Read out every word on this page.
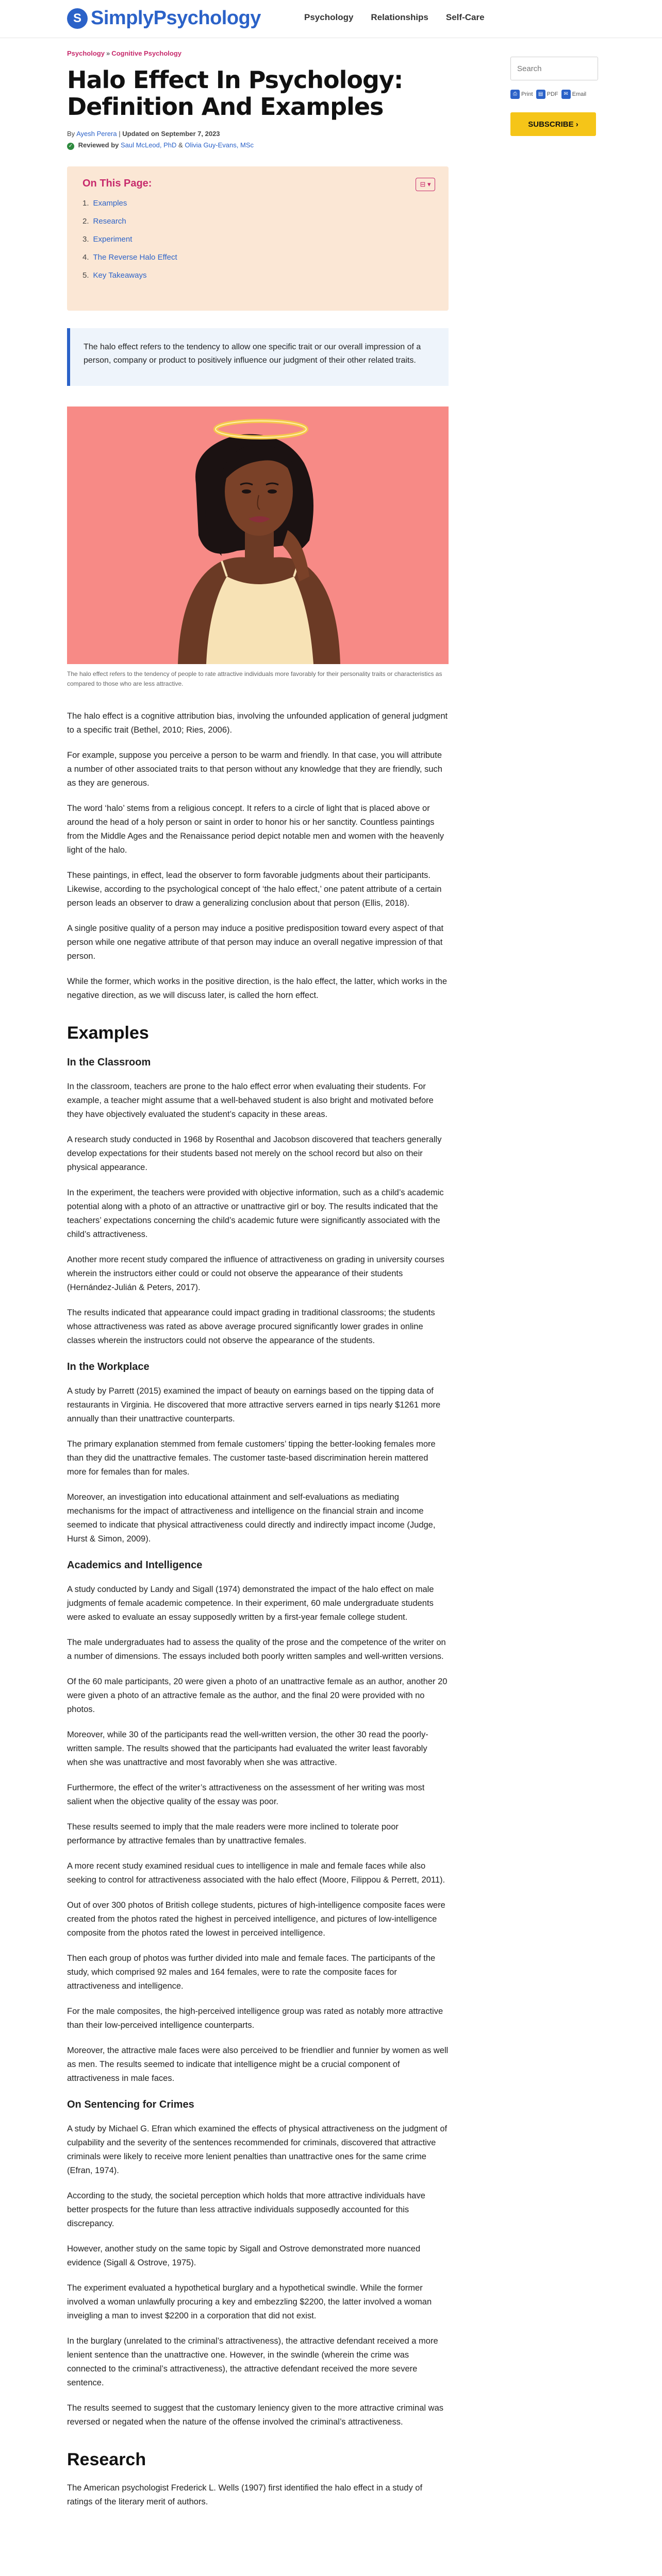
S SimplyPsychology	Psychology Relationships Self-Care
Psychology » Cognitive Psychology
Halo Effect In Psychology: Definition And Examples
By Ayesh Perera | Updated on September 7, 2023
✓ Reviewed by Saul McLeod, PhD & Olivia Guy-Evans, MSc
On This Page:	⊟ ▾
1. Examples
2. Research
3. Experiment
4. The Reverse Halo Effect
5. Key Takeaways
The halo effect refers to the tendency to allow one specific trait or our overall impression of a person, company or product to positively influence our judgment of their other related traits.
The halo effect refers to the tendency of people to rate attractive individuals more favorably for their personality traits or characteristics as compared to those who are less attractive.

The halo effect is a cognitive attribution bias, involving the unfounded application of general judgment to a specific trait (Bethel, 2010; Ries, 2006).

For example, suppose you perceive a person to be warm and friendly. In that case, you will attribute a number of other associated traits to that person without any knowledge that they are friendly, such as they are generous.

The word ‘halo’ stems from a religious concept. It refers to a circle of light that is placed above or around the head of a holy person or saint in order to honor his or her sanctity. Countless paintings from the Middle Ages and the Renaissance period depict notable men and women with the heavenly light of the halo.

These paintings, in effect, lead the observer to form favorable judgments about their participants. Likewise, according to the psychological concept of ‘the halo effect,’ one patent attribute of a certain person leads an observer to draw a generalizing conclusion about that person (Ellis, 2018).

A single positive quality of a person may induce a positive predisposition toward every aspect of that person while one negative attribute of that person may induce an overall negative impression of that person.

While the former, which works in the positive direction, is the halo effect, the latter, which works in the negative direction, as we will discuss later, is called the horn effect.

Examples
In the Classroom

In the classroom, teachers are prone to the halo effect error when evaluating their students. For example, a teacher might assume that a well-behaved student is also bright and motivated before they have objectively evaluated the student’s capacity in these areas.

A research study conducted in 1968 by Rosenthal and Jacobson discovered that teachers generally develop expectations for their students based not merely on the school record but also on their physical appearance.

In the experiment, the teachers were provided with objective information, such as a child’s academic potential along with a photo of an attractive or unattractive girl or boy. The results indicated that the teachers’ expectations concerning the child’s academic future were significantly associated with the child’s attractiveness.

Another more recent study compared the influence of attractiveness on grading in university courses wherein the instructors either could or could not observe the appearance of their students (Hernández-Julián & Peters, 2017).

The results indicated that appearance could impact grading in traditional classrooms; the students whose attractiveness was rated as above average procured significantly lower grades in online classes wherein the instructors could not observe the appearance of the students.

In the Workplace

A study by Parrett (2015) examined the impact of beauty on earnings based on the tipping data of restaurants in Virginia. He discovered that more attractive servers earned in tips nearly $1261 more annually than their unattractive counterparts.

The primary explanation stemmed from female customers’ tipping the better-looking females more than they did the unattractive females. The customer taste-based discrimination herein mattered more for females than for males.

Moreover, an investigation into educational attainment and self-evaluations as mediating mechanisms for the impact of attractiveness and intelligence on the financial strain and income seemed to indicate that physical attractiveness could directly and indirectly impact income (Judge, Hurst & Simon, 2009).

Academics and Intelligence

A study conducted by Landy and Sigall (1974) demonstrated the impact of the halo effect on male judgments of female academic competence. In their experiment, 60 male undergraduate students were asked to evaluate an essay supposedly written by a first-year female college student.

The male undergraduates had to assess the quality of the prose and the competence of the writer on a number of dimensions. The essays included both poorly written samples and well-written versions.

Of the 60 male participants, 20 were given a photo of an unattractive female as an author, another 20 were given a photo of an attractive female as the author, and the final 20 were provided with no photos.

Moreover, while 30 of the participants read the well-written version, the other 30 read the poorly-written sample. The results showed that the participants had evaluated the writer least favorably when she was unattractive and most favorably when she was attractive.

Furthermore, the effect of the writer’s attractiveness on the assessment of her writing was most salient when the objective quality of the essay was poor.

These results seemed to imply that the male readers were more inclined to tolerate poor performance by attractive females than by unattractive females.

A more recent study examined residual cues to intelligence in male and female faces while also seeking to control for attractiveness associated with the halo effect (Moore, Filippou & Perrett, 2011).

Out of over 300 photos of British college students, pictures of high-intelligence composite faces were created from the photos rated the highest in perceived intelligence, and pictures of low-intelligence composite from the photos rated the lowest in perceived intelligence.

Then each group of photos was further divided into male and female faces. The participants of the study, which comprised 92 males and 164 females, were to rate the composite faces for attractiveness and intelligence.

For the male composites, the high-perceived intelligence group was rated as notably more attractive than their low-perceived intelligence counterparts.

Moreover, the attractive male faces were also perceived to be friendlier and funnier by women as well as men. The results seemed to indicate that intelligence might be a crucial component of attractiveness in male faces.

On Sentencing for Crimes

A study by Michael G. Efran which examined the effects of physical attractiveness on the judgment of culpability and the severity of the sentences recommended for criminals, discovered that attractive criminals were likely to receive more lenient penalties than unattractive ones for the same crime (Efran, 1974).

According to the study, the societal perception which holds that more attractive individuals have better prospects for the future than less attractive individuals supposedly accounted for this discrepancy.

However, another study on the same topic by Sigall and Ostrove demonstrated more nuanced evidence (Sigall & Ostrove, 1975).

The experiment evaluated a hypothetical burglary and a hypothetical swindle. While the former involved a woman unlawfully procuring a key and embezzling $2200, the latter involved a woman inveigling a man to invest $2200 in a corporation that did not exist.

In the burglary (unrelated to the criminal’s attractiveness), the attractive defendant received a more lenient sentence than the unattractive one. However, in the swindle (wherein the crime was connected to the criminal’s attractiveness), the attractive defendant received the more severe sentence.

The results seemed to suggest that the customary leniency given to the more attractive criminal was reversed or negated when the nature of the offense involved the criminal’s attractiveness.

Research

The American psychologist Frederick L. Wells (1907) first identified the halo effect in a study of ratings of the literary merit of authors.

Search
⎙ Print	▤ PDF	✉ Email
SUBSCRIBE ›
